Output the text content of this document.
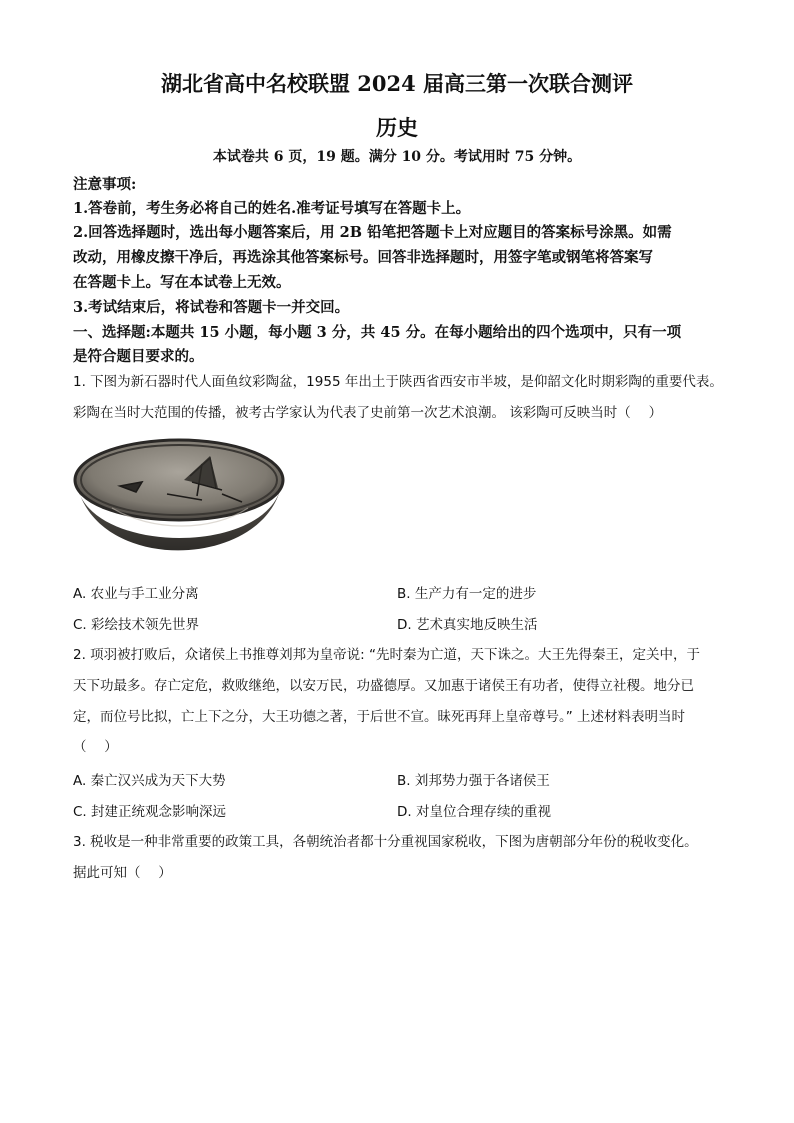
湖北省高中名校联盟 2024 届高三第一次联合测评
历史
本试卷共 6 页，19 题。满分 10 分。考试用时 75 分钟。
注意事项:
1.答卷前，考生务必将自己的姓名.准考证号填写在答题卡上。
2.回答选择题时，选出每小题答案后，用 2B 铅笔把答题卡上对应题目的答案标号涂黑。如需
改动，用橡皮擦干净后，再选涂其他答案标号。回答非选择题时，用签字笔或钢笔将答案写
在答题卡上。写在本试卷上无效。
3.考试结束后，将试卷和答题卡一并交回。
一、选择题:本题共 15 小题，每小题 3 分，共 45 分。在每小题给出的四个选项中，只有一项
是符合题目要求的。
1. 下图为新石器时代人面鱼纹彩陶盆，1955 年出土于陕西省西安市半坡，是仰韶文化时期彩陶的重要代表。
彩陶在当时大范围的传播，被考古学家认为代表了史前第一次艺术浪潮。 该彩陶可反映当时（　 ）
A. 农业与手工业分离	B. 生产力有一定的进步
C. 彩绘技术领先世界	D. 艺术真实地反映生活
2. 项羽被打败后，众诸侯上书推尊刘邦为皇帝说: “先时秦为亡道，天下诛之。大王先得秦王，定关中，于
天下功最多。存亡定危，救败继绝，以安万民，功盛德厚。又加惠于诸侯王有功者，使得立社稷。地分已
定，而位号比拟，亡上下之分，大王功德之著，于后世不宣。昧死再拜上皇帝尊号。” 上述材料表明当时
（　 ）
A. 秦亡汉兴成为天下大势	B. 刘邦势力强于各诸侯王
C. 封建正统观念影响深远	D. 对皇位合理存续的重视
3. 税收是一种非常重要的政策工具，各朝统治者都十分重视国家税收，下图为唐朝部分年份的税收变化。
据此可知（　 ）
